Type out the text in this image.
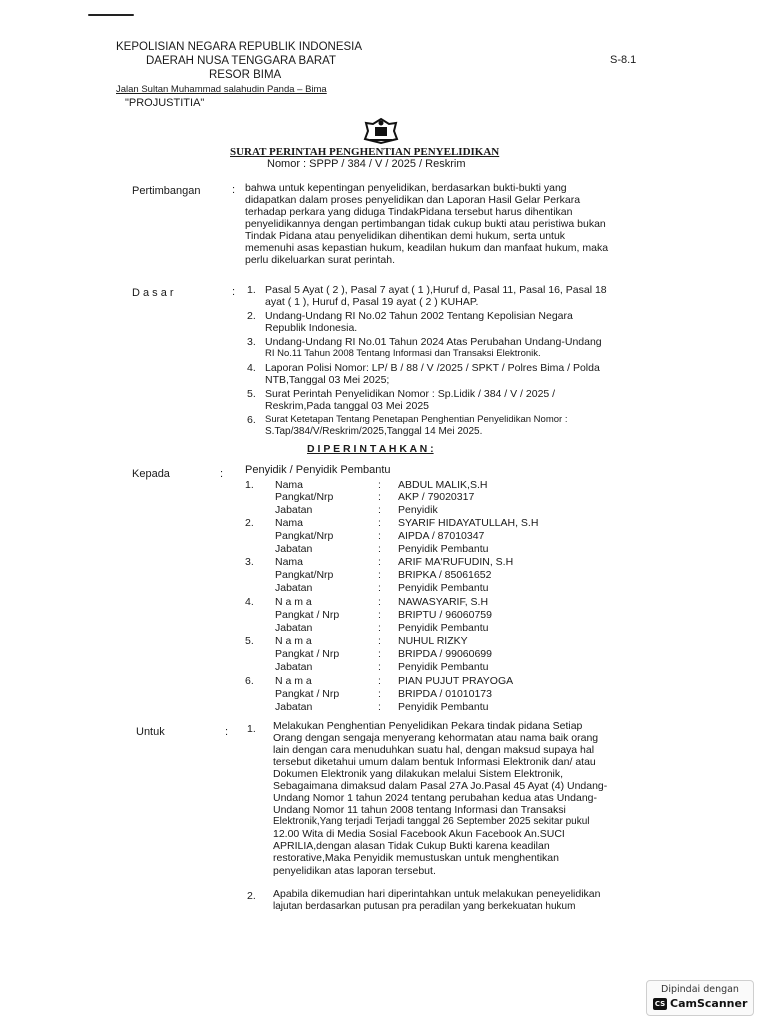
KEPOLISIAN NEGARA REPUBLIK INDONESIA
DAERAH NUSA TENGGARA BARAT
RESOR BIMA
Jalan Sultan Muhammad salahudin Panda – Bima
"PROJUSTITIA"
S-8.1
SURAT PERINTAH PENGHENTIAN PENYELIDIKAN
Nomor : SPPP / 384 / V / 2025 / Reskrim
Pertimbangan	: bahwa untuk kepentingan penyelidikan, berdasarkan bukti-bukti yang
didapatkan dalam proses penyelidikan dan Laporan Hasil Gelar Perkara
terhadap perkara yang diduga TindakPidana tersebut harus dihentikan
penyelidikannya dengan pertimbangan tidak cukup bukti atau peristiwa bukan
Tindak Pidana atau penyelidikan dihentikan demi hukum, serta untuk
memenuhi asas kepastian hukum, keadilan hukum dan manfaat hukum, maka
perlu dikeluarkan surat perintah.
D a s a r	: 1. Pasal 5 Ayat ( 2 ), Pasal 7 ayat ( 1 ),Huruf d, Pasal 11, Pasal 16, Pasal 18
ayat ( 1 ), Huruf d, Pasal 19 ayat ( 2 ) KUHAP.
2. Undang-Undang RI No.02 Tahun 2002 Tentang Kepolisian Negara
Republik Indonesia.
3. Undang-Undang RI No.01 Tahun 2024 Atas Perubahan Undang-Undang
RI No.11 Tahun 2008 Tentang Informasi dan Transaksi Elektronik.
4. Laporan Polisi Nomor: LP/ B / 88 / V /2025 / SPKT / Polres Bima / Polda
NTB,Tanggal 03 Mei 2025;
5. Surat Perintah Penyelidikan Nomor : Sp.Lidik / 384 / V / 2025 /
Reskrim,Pada tanggal 03 Mei 2025
6. Surat Ketetapan Tentang Penetapan Penghentian Penyelidikan Nomor :
S.Tap/384/V/Reskrim/2025,Tanggal 14 Mei 2025.
D I P E R I N T A H K A N :
Kepada	: Penyidik / Penyidik Pembantu
1. Nama	: ABDUL MALIK,S.H
Pangkat/Nrp	: AKP / 79020317
Jabatan	: Penyidik
2. Nama	: SYARIF HIDAYATULLAH, S.H
Pangkat/Nrp	: AIPDA / 87010347
Jabatan	: Penyidik Pembantu
3. Nama	: ARIF MA'RUFUDIN, S.H
Pangkat/Nrp	: BRIPKA / 85061652
Jabatan	: Penyidik Pembantu
4. N a m a	: NAWASYARIF, S.H
Pangkat / Nrp	: BRIPTU / 96060759
Jabatan	: Penyidik Pembantu
5. N a m a	: NUHUL RIZKY
Pangkat / Nrp	: BRIPDA / 99060699
Jabatan	: Penyidik Pembantu
6. N a m a	: PIAN PUJUT PRAYOGA
Pangkat / Nrp	: BRIPDA / 01010173
Jabatan	: Penyidik Pembantu
Untuk	: 1. Melakukan Penghentian Penyelidikan Pekara tindak pidana Setiap
Orang dengan sengaja menyerang kehormatan atau nama baik orang
lain dengan cara menuduhkan suatu hal, dengan maksud supaya hal
tersebut diketahui umum dalam bentuk Informasi Elektronik dan/ atau
Dokumen Elektronik yang dilakukan melalui Sistem Elektronik,
Sebagaimana dimaksud dalam Pasal 27A Jo.Pasal 45 Ayat (4) Undang-
Undang Nomor 1 tahun 2024 tentang perubahan kedua atas Undang-
Undang Nomor 11 tahun 2008 tentang Informasi dan Transaksi
Elektronik,Yang terjadi Terjadi tanggal 26 September 2025 sekitar pukul
12.00 Wita di Media Sosial Facebook Akun Facebook An.SUCI
APRILIA,dengan alasan Tidak Cukup Bukti karena keadilan
restorative,Maka Penyidik memustuskan untuk menghentikan
penyelidikan atas laporan tersebut.
2. Apabila dikemudian hari diperintahkan untuk melakukan peneyelidikan
lajutan berdasarkan putusan pra peradilan yang berkekuatan hukum
Dipindai dengan
CS CamScanner
